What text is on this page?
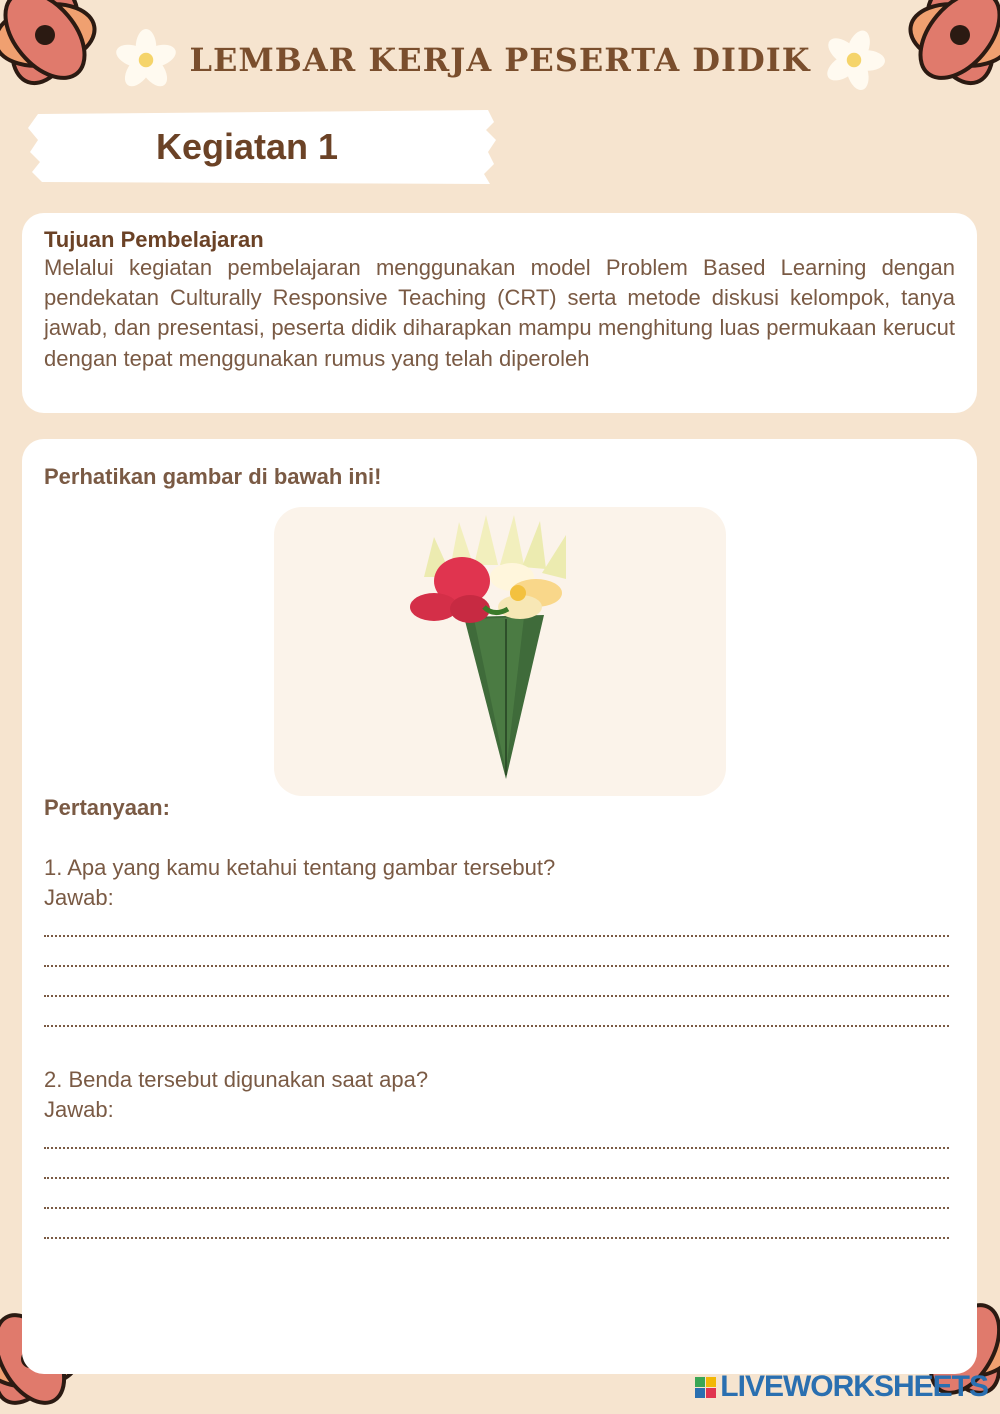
LEMBAR KERJA PESERTA DIDIK
Kegiatan 1
Tujuan Pembelajaran
Melalui kegiatan pembelajaran menggunakan model Problem Based Learning dengan pendekatan Culturally Responsive Teaching (CRT) serta metode diskusi kelompok, tanya jawab, dan presentasi, peserta didik diharapkan mampu menghitung luas permukaan kerucut dengan tepat menggunakan rumus yang telah diperoleh
Perhatikan gambar di bawah ini!
Pertanyaan:
1. Apa yang kamu ketahui tentang gambar tersebut?
Jawab:
2. Benda tersebut digunakan saat apa?
Jawab:
LIVEWORKSHEETS
